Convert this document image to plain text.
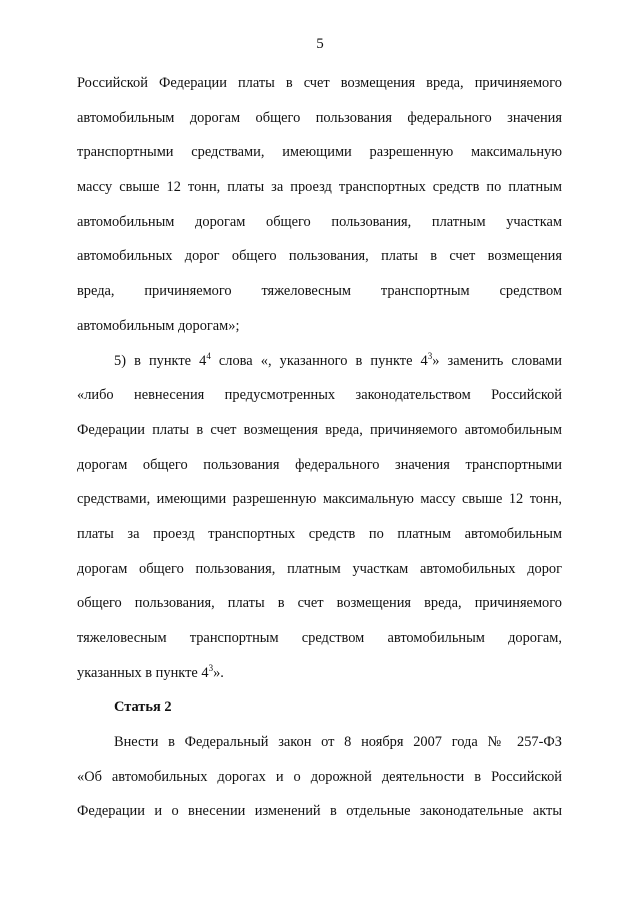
5
Российской Федерации платы в счет возмещения вреда, причиняемого
автомобильным дорогам общего пользования федерального значения
транспортными средствами, имеющими разрешенную максимальную
массу свыше 12 тонн, платы за проезд транспортных средств по платным
автомобильным дорогам общего пользования, платным участкам
автомобильных дорог общего пользования, платы в счет возмещения
вреда, причиняемого тяжеловесным транспортным средством
автомобильным дорогам»;
5) в пункте $4^4$ слова «, указанного в пункте $4^3$» заменить словами
«либо невнесения предусмотренных законодательством Российской
Федерации платы в счет возмещения вреда, причиняемого автомобильным
дорогам общего пользования федерального значения транспортными
средствами, имеющими разрешенную максимальную массу свыше 12 тонн,
платы за проезд транспортных средств по платным автомобильным
дорогам общего пользования, платным участкам автомобильных дорог
общего пользования, платы в счет возмещения вреда, причиняемого
тяжеловесным транспортным средством автомобильным дорогам,
указанных в пункте $4^3$».
Статья 2
Внести в Федеральный закон от 8 ноября 2007 года № 257-ФЗ
«Об автомобильных дорогах и о дорожной деятельности в Российской
Федерации и о внесении изменений в отдельные законодательные акты
